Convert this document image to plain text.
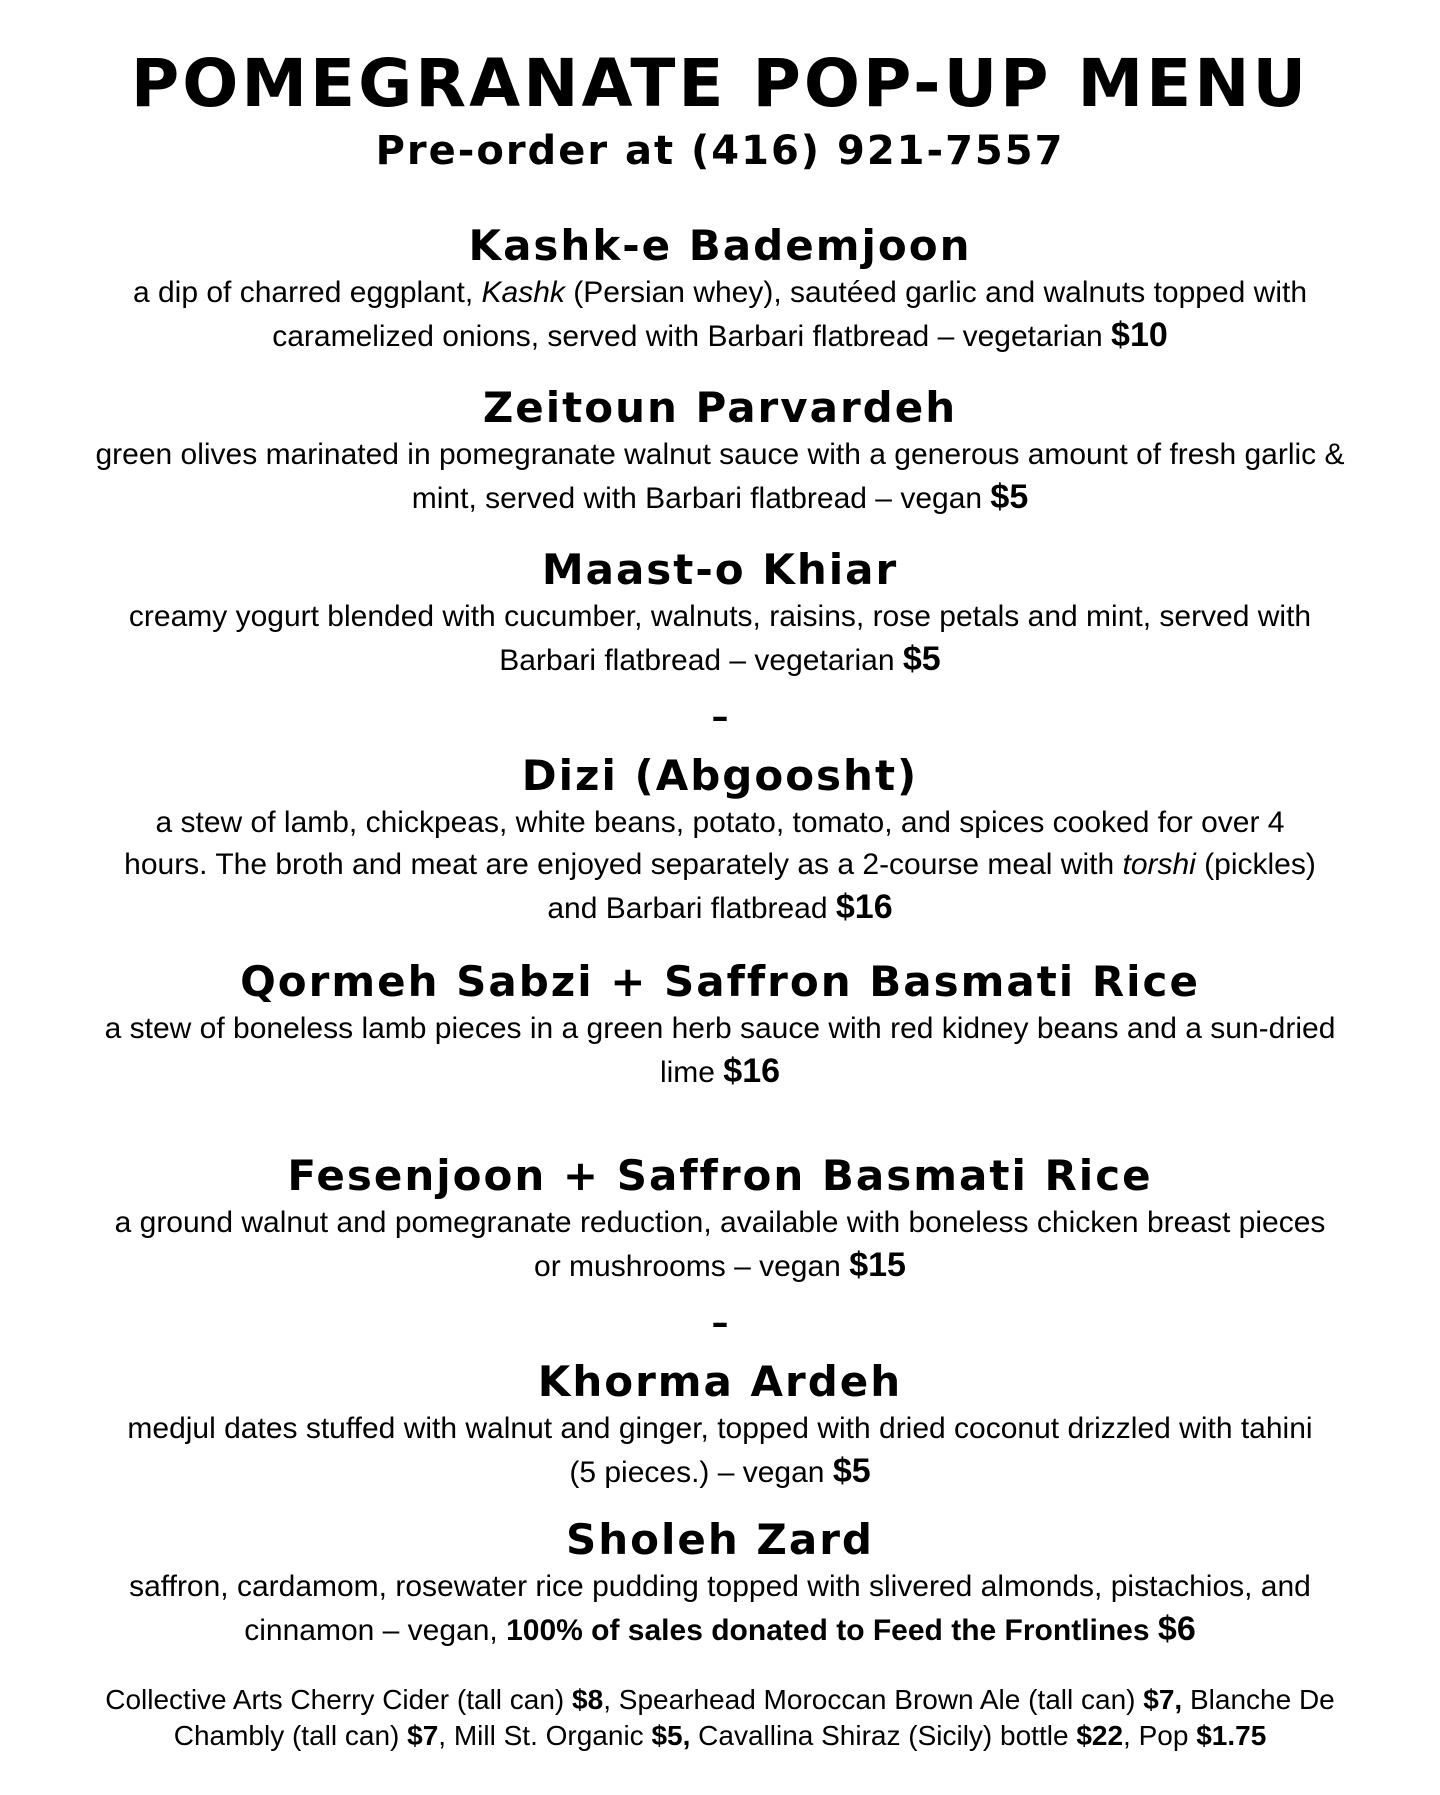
POMEGRANATE POP-UP MENU
Pre-order at (416) 921-7557
Kashk-e Bademjoon
a dip of charred eggplant, Kashk (Persian whey), sautéed garlic and walnuts topped with caramelized onions, served with Barbari flatbread – vegetarian $10
Zeitoun Parvardeh
green olives marinated in pomegranate walnut sauce with a generous amount of fresh garlic & mint, served with Barbari flatbread – vegan $5
Maast-o Khiar
creamy yogurt blended with cucumber, walnuts, raisins, rose petals and mint, served with Barbari flatbread – vegetarian $5
–
Dizi (Abgoosht)
a stew of lamb, chickpeas, white beans, potato, tomato, and spices cooked for over 4 hours. The broth and meat are enjoyed separately as a 2-course meal with torshi (pickles) and Barbari flatbread $16
Qormeh Sabzi + Saffron Basmati Rice
a stew of boneless lamb pieces in a green herb sauce with red kidney beans and a sun-dried lime $16
Fesenjoon + Saffron Basmati Rice
a ground walnut and pomegranate reduction, available with boneless chicken breast pieces or mushrooms – vegan $15
–
Khorma Ardeh
medjul dates stuffed with walnut and ginger, topped with dried coconut drizzled with tahini (5 pieces.) – vegan $5
Sholeh Zard
saffron, cardamom, rosewater rice pudding topped with slivered almonds, pistachios, and cinnamon – vegan, 100% of sales donated to Feed the Frontlines $6
Collective Arts Cherry Cider (tall can) $8, Spearhead Moroccan Brown Ale (tall can) $7, Blanche De Chambly (tall can) $7, Mill St. Organic $5, Cavallina Shiraz (Sicily) bottle $22, Pop $1.75
